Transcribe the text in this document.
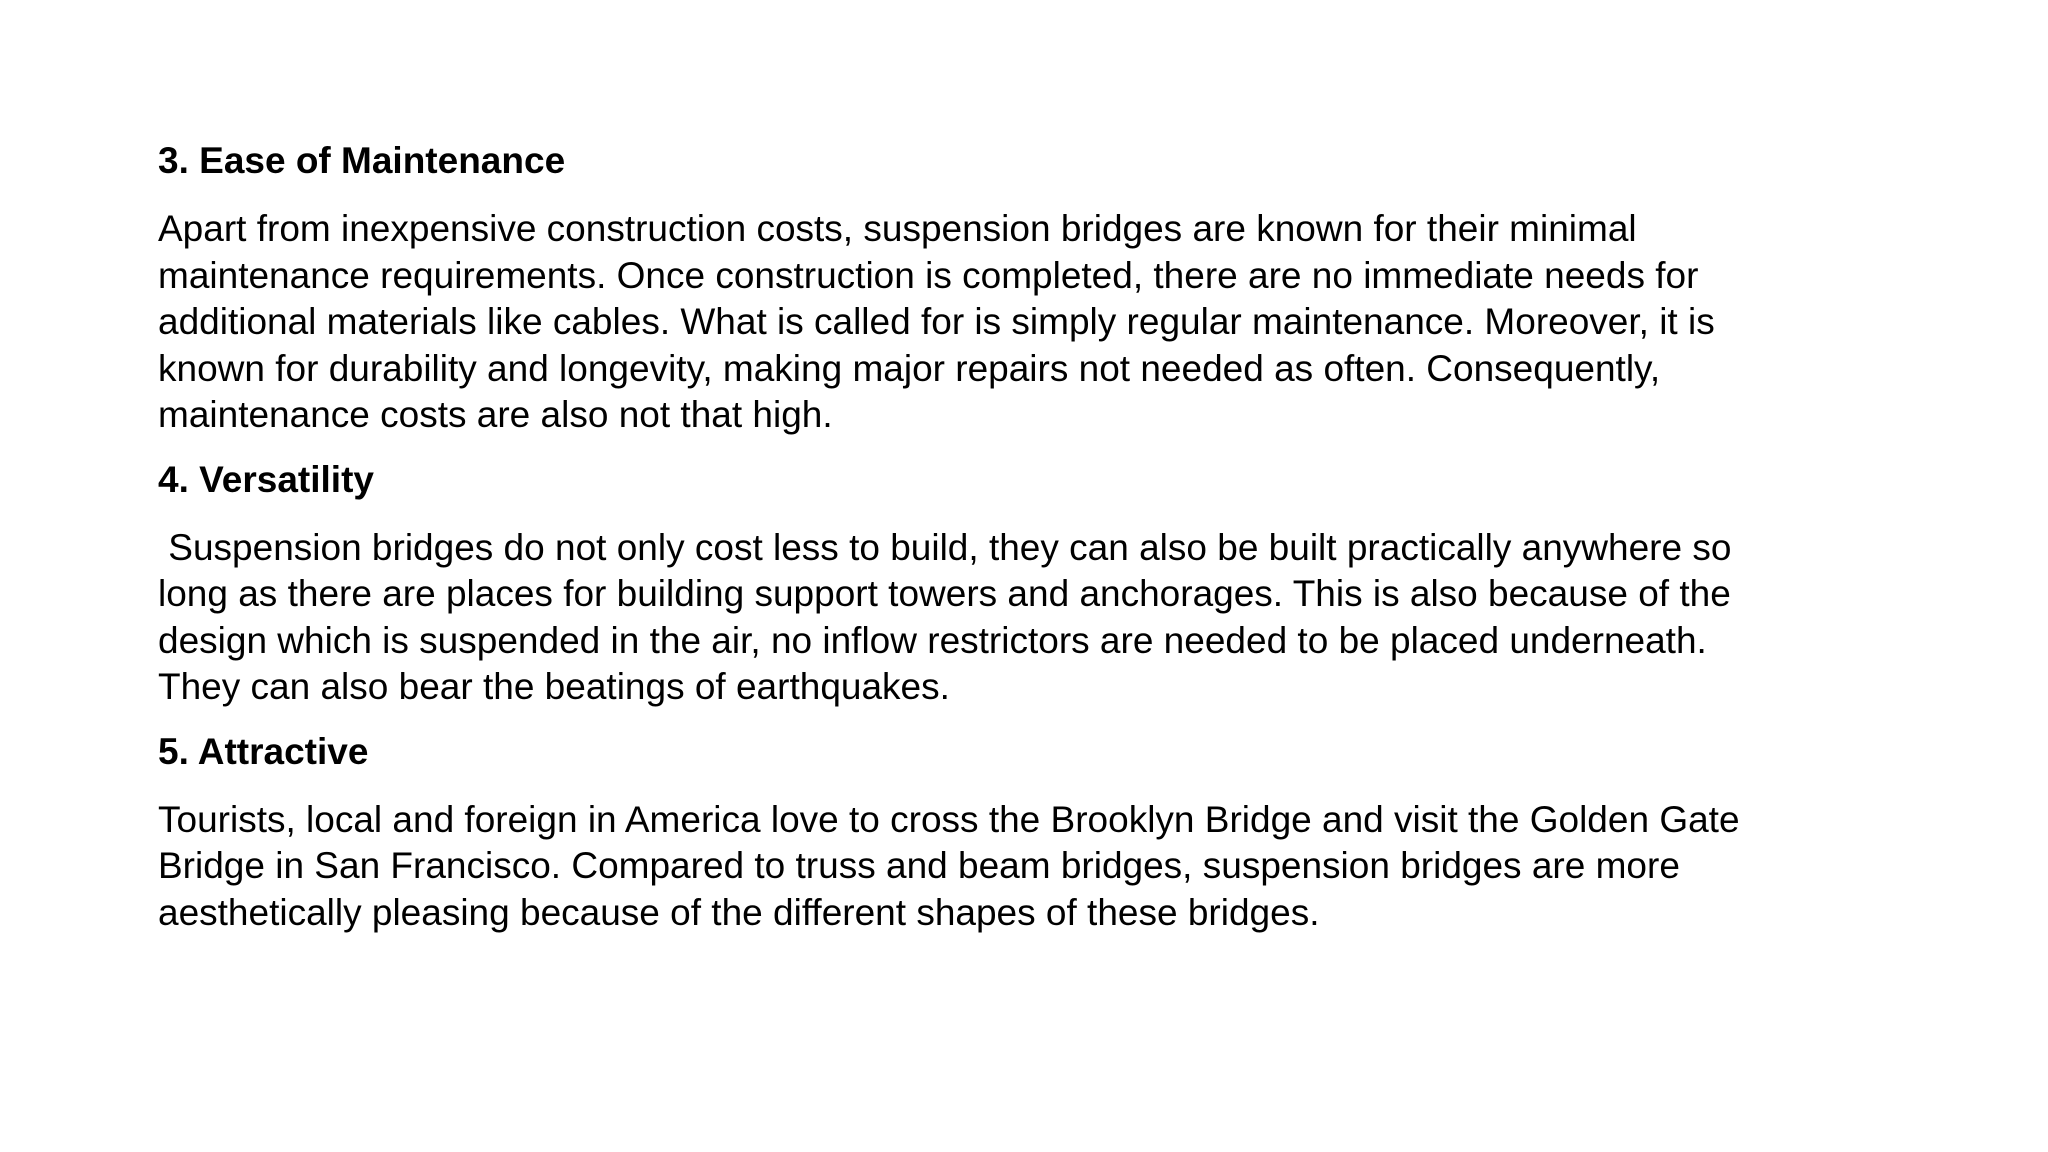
3. Ease of Maintenance
Apart from inexpensive construction costs, suspension bridges are known for their minimal
maintenance requirements. Once construction is completed, there are no immediate needs for
additional materials like cables. What is called for is simply regular maintenance. Moreover, it is
known for durability and longevity, making major repairs not needed as often. Consequently,
maintenance costs are also not that high.
4. Versatility
Suspension bridges do not only cost less to build, they can also be built practically anywhere so
long as there are places for building support towers and anchorages. This is also because of the
design which is suspended in the air, no inflow restrictors are needed to be placed underneath.
They can also bear the beatings of earthquakes.
5. Attractive
Tourists, local and foreign in America love to cross the Brooklyn Bridge and visit the Golden Gate
Bridge in San Francisco. Compared to truss and beam bridges, suspension bridges are more
aesthetically pleasing because of the different shapes of these bridges.
